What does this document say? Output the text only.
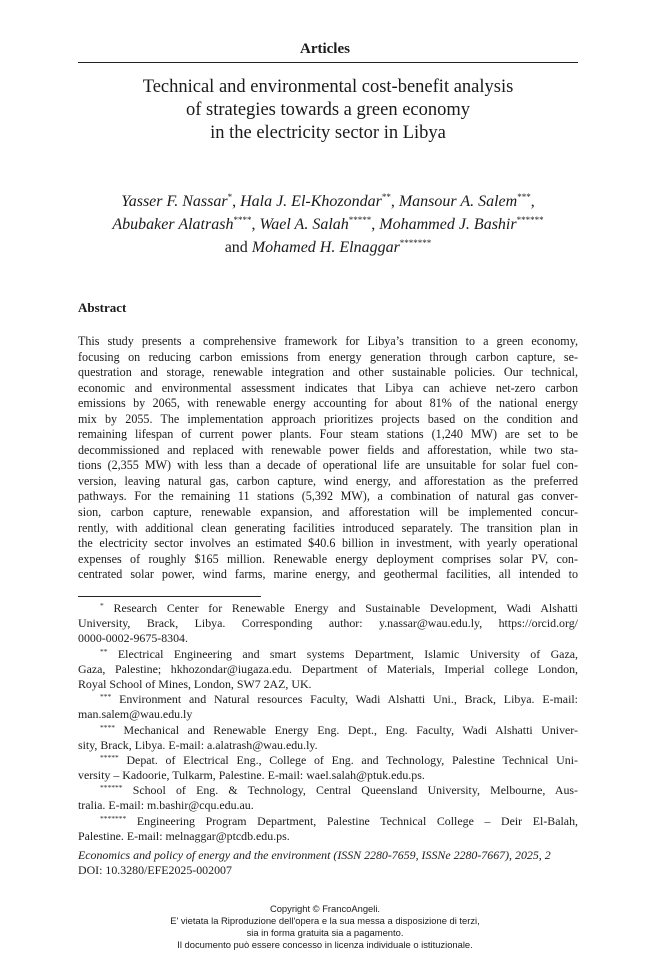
Articles
Technical and environmental cost-benefit analysis
of strategies towards a green economy
in the electricity sector in Libya
Yasser F. Nassar*, Hala J. El-Khozondar**, Mansour A. Salem***,
Abubaker Alatrash****, Wael A. Salah*****, Mohammed J. Bashir******
and Mohamed H. Elnaggar*******
Abstract
This study presents a comprehensive framework for Libya’s transition to a green economy,
focusing on reducing carbon emissions from energy generation through carbon capture, se-
questration and storage, renewable integration and other sustainable policies. Our technical,
economic and environmental assessment indicates that Libya can achieve net-zero carbon
emissions by 2065, with renewable energy accounting for about 81% of the national energy
mix by 2055. The implementation approach prioritizes projects based on the condition and
remaining lifespan of current power plants. Four steam stations (1,240 MW) are set to be
decommissioned and replaced with renewable power fields and afforestation, while two sta-
tions (2,355 MW) with less than a decade of operational life are unsuitable for solar fuel con-
version, leaving natural gas, carbon capture, wind energy, and afforestation as the preferred
pathways. For the remaining 11 stations (5,392 MW), a combination of natural gas conver-
sion, carbon capture, renewable expansion, and afforestation will be implemented concur-
rently, with additional clean generating facilities introduced separately. The transition plan in
the electricity sector involves an estimated $40.6 billion in investment, with yearly operational
expenses of roughly $165 million. Renewable energy deployment comprises solar PV, con-
centrated solar power, wind farms, marine energy, and geothermal facilities, all intended to
* Research Center for Renewable Energy and Sustainable Development, Wadi Alshatti
University, Brack, Libya. Corresponding author: y.nassar@wau.edu.ly, https://orcid.org/
0000-0002-9675-8304.
** Electrical Engineering and smart systems Department, Islamic University of Gaza,
Gaza, Palestine; hkhozondar@iugaza.edu. Department of Materials, Imperial college London,
Royal School of Mines, London, SW7 2AZ, UK.
*** Environment and Natural resources Faculty, Wadi Alshatti Uni., Brack, Libya. E-mail:
man.salem@wau.edu.ly
**** Mechanical and Renewable Energy Eng. Dept., Eng. Faculty, Wadi Alshatti Univer-
sity, Brack, Libya. E-mail: a.alatrash@wau.edu.ly.
***** Depat. of Electrical Eng., College of Eng. and Technology, Palestine Technical Uni-
versity – Kadoorie, Tulkarm, Palestine. E-mail: wael.salah@ptuk.edu.ps.
****** School of Eng. & Technology, Central Queensland University, Melbourne, Aus-
tralia. E-mail: m.bashir@cqu.edu.au.
******* Engineering Program Department, Palestine Technical College – Deir El-Balah,
Palestine. E-mail: melnaggar@ptcdb.edu.ps.
Economics and policy of energy and the environment (ISSN 2280-7659, ISSNe 2280-7667), 2025, 2
DOI: 10.3280/EFE2025-002007
Copyright © FrancoAngeli.
E' vietata la Riproduzione dell'opera e la sua messa a disposizione di terzi,
sia in forma gratuita sia a pagamento.
Il documento può essere concesso in licenza individuale o istituzionale.
